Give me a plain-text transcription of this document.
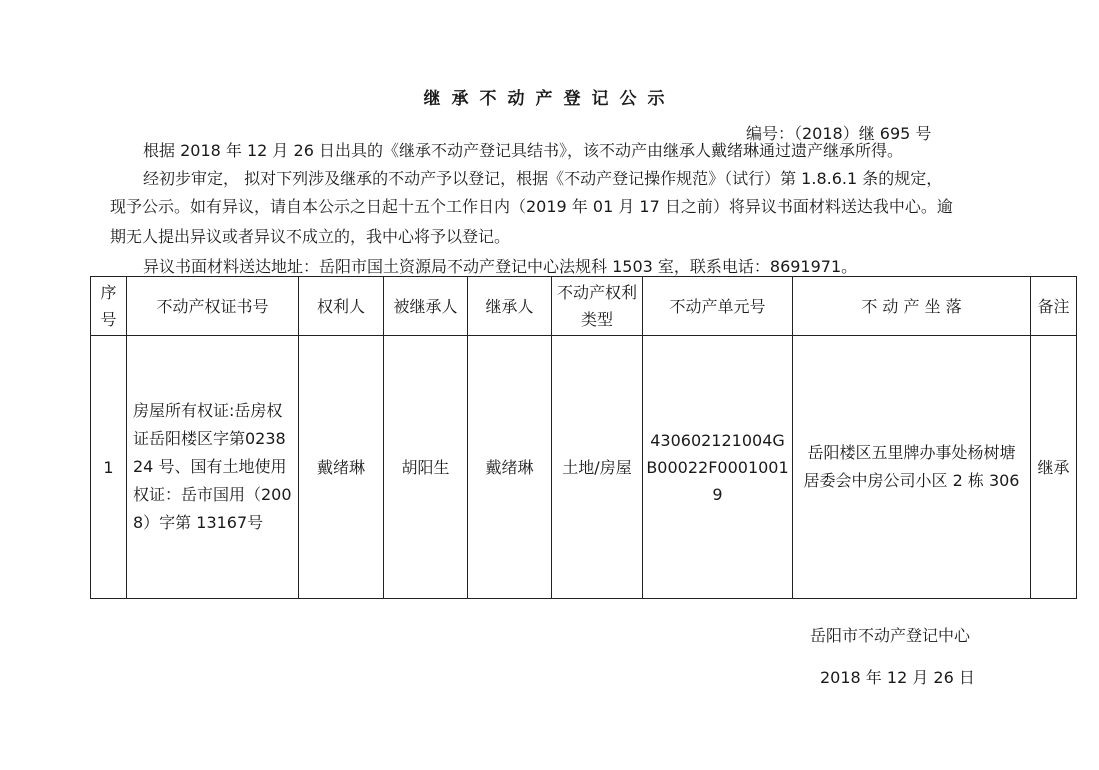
继承不动产登记公示
编号：（2018）继 695 号
根据 2018 年 12 月 26 日出具的《继承不动产登记具结书》，该不动产由继承人戴绪琳通过遗产继承所得。
经初步审定， 拟对下列涉及继承的不动产予以登记，根据《不动产登记操作规范》（试行）第 1.8.6.1 条的规定，
现予公示。如有异议，请自本公示之日起十五个工作日内（2019 年 01 月 17 日之前）将异议书面材料送达我中心。逾
期无人提出异议或者异议不成立的，我中心将予以登记。
异议书面材料送达地址：岳阳市国土资源局不动产登记中心法规科 1503 室，联系电话：8691971。
序号	不动产权证书号	权利人	被继承人	继承人	不动产权利类型	不动产单元号	不 动 产 坐 落	备注
1	房屋所有权证:岳房权证岳阳楼区字第023824 号、国有土地使用权证：岳市国用（2008）字第 13167号	戴绪琳	胡阳生	戴绪琳	土地/房屋	430602121004GB00022F00010019	岳阳楼区五里牌办事处杨树塘居委会中房公司小区 2 栋 306	继承
岳阳市不动产登记中心
2018 年 12 月 26 日
